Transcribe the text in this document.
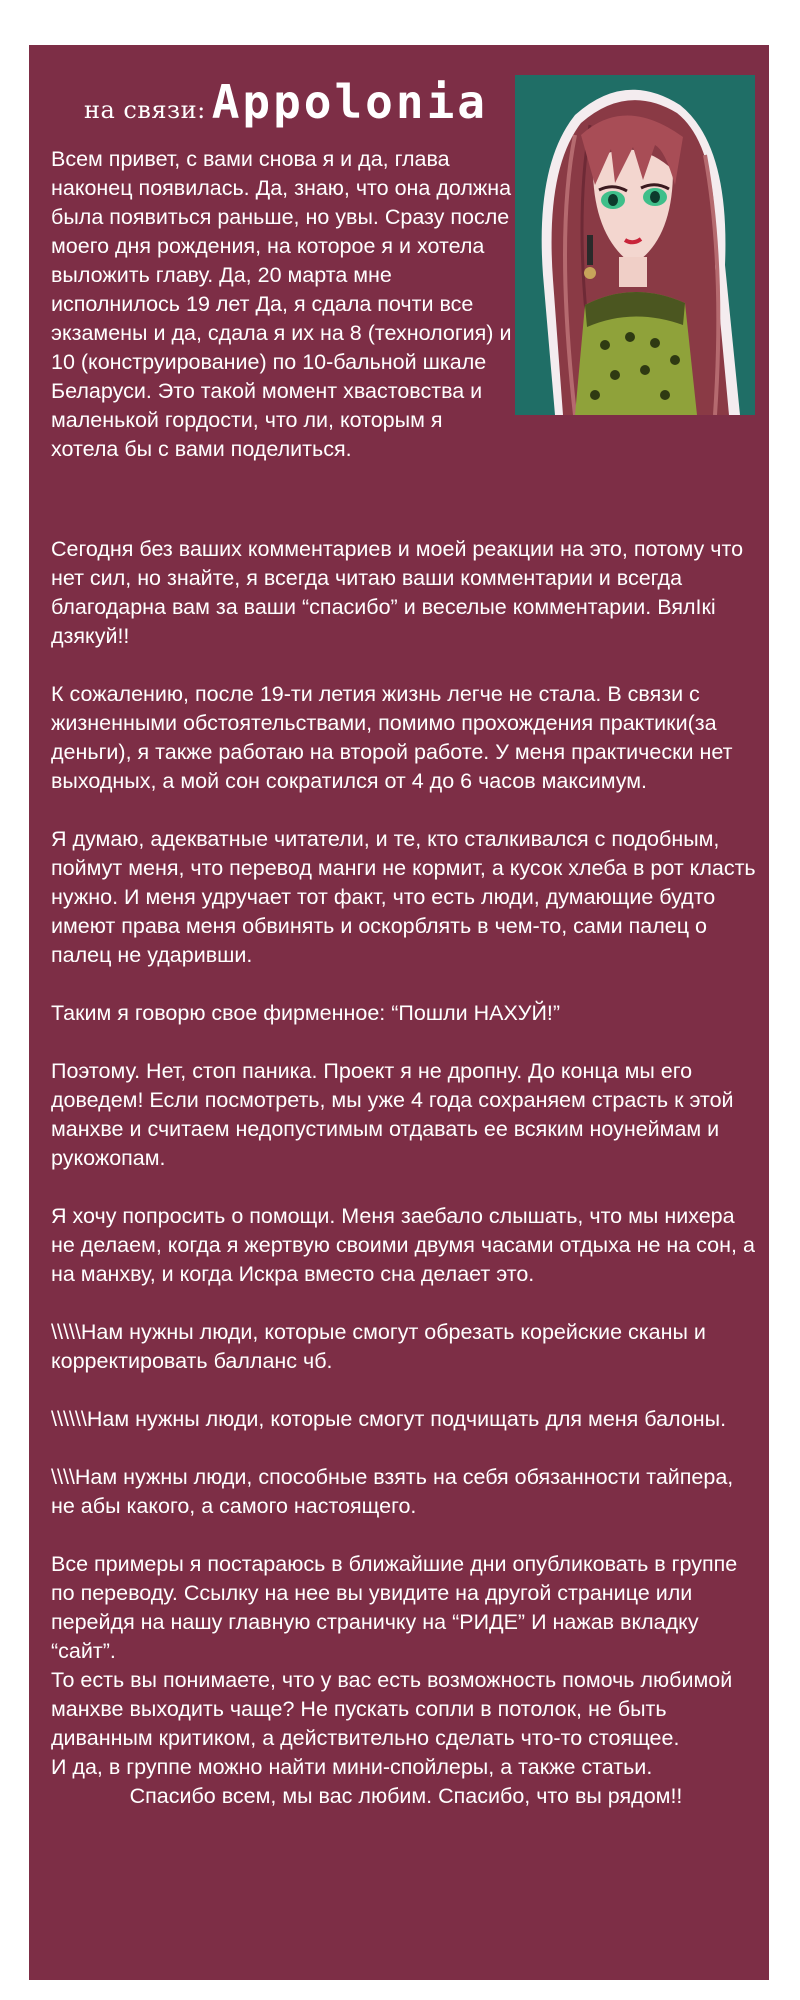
на связи: Appolonia

Всем привет, с вами снова я и да, глава наконец появилась. Да, знаю, что она должна была появиться раньше, но увы. Сразу после моего дня рождения, на которое я и хотела выложить главу. Да, 20 марта мне исполнилось 19 лет Да, я сдала почти все экзамены и да, сдала я их на 8 (технология) и 10 (конструирование) по 10-бальной шкале Беларуси. Это такой момент хвастовства и маленькой гордости, что ли, которым я хотела бы с вами поделиться.

Сегодня без ваших комментариев и моей реакции на это, потому что нет сил, но знайте, я всегда читаю ваши комментарии и всегда благодарна вам за ваши “спасибо” и веселые комментарии. ВялIкi дзякуй!!

К сожалению, после 19-ти летия жизнь легче не стала. В связи с жизненными обстоятельствами, помимо прохождения практики(за деньги), я также работаю на второй работе. У меня практически нет выходных, а мой сон сократился от 4 до 6 часов максимум.

Я думаю, адекватные читатели, и те, кто сталкивался с подобным, поймут меня, что перевод манги не кормит, а кусок хлеба в рот класть нужно. И меня удручает тот факт, что есть люди, думающие будто имеют права меня обвинять и оскорблять в чем-то, сами палец о палец не ударивши.

Таким я говорю свое фирменное: “Пошли НАХУЙ!”

Поэтому. Нет, стоп паника. Проект я не дропну. До конца мы его доведем! Если посмотреть, мы уже 4 года сохраняем страсть к этой манхве и считаем недопустимым отдавать ее всяким ноунеймам и рукожопам.

Я хочу попросить о помощи. Меня заебало слышать, что мы нихера не делаем, когда я жертвую своими двумя часами отдыха не на сон, а на манхву, и когда Искра вместо сна делает это.

\\\\\Нам нужны люди, которые смогут обрезать корейские сканы и корректировать балланс чб.

\\\\\\Нам нужны люди, которые смогут подчищать для меня балоны.

\\\\Нам нужны люди, способные взять на себя обязанности тайпера, не абы какого, а самого настоящего.

Все примеры я постараюсь в ближайшие дни опубликовать в группе по переводу. Ссылку на нее вы увидите на другой странице или перейдя на нашу главную страничку на “РИДЕ” И нажав вкладку “сайт”.

То есть вы понимаете, что у вас есть возможность помочь любимой манхве выходить чаще? Не пускать сопли в потолок, не быть диванным критиком, а действительно сделать что-то стоящее.

И да, в группе можно найти мини-спойлеры, а также статьи.

Спасибо всем, мы вас любим. Спасибо, что вы рядом!!
